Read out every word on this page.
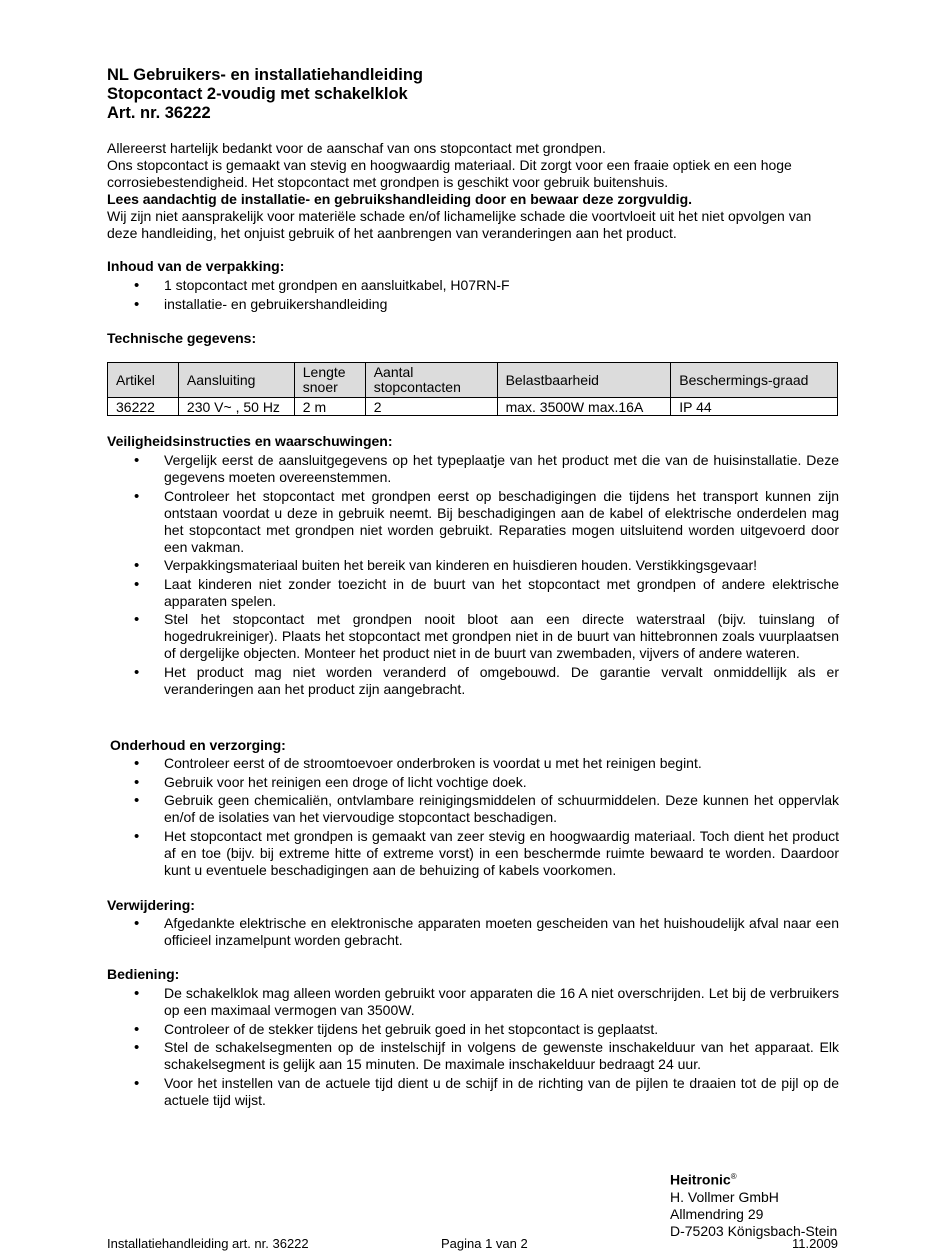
NL Gebruikers- en installatiehandleiding
Stopcontact 2-voudig met schakelklok
Art. nr. 36222
Allereerst hartelijk bedankt voor de aanschaf van ons stopcontact met grondpen.
Ons stopcontact is gemaakt van stevig en hoogwaardig materiaal. Dit zorgt voor een fraaie optiek en een hoge
corrosiebestendigheid. Het stopcontact met grondpen is geschikt voor gebruik buitenshuis.
Lees aandachtig de installatie- en gebruikshandleiding door en bewaar deze zorgvuldig.
Wij zijn niet aansprakelijk voor materiële schade en/of lichamelijke schade die voortvloeit uit het niet opvolgen van
deze handleiding, het onjuist gebruik of het aanbrengen van veranderingen aan het product.
Inhoud van de verpakking:
• 1 stopcontact met grondpen en aansluitkabel, H07RN-F
• installatie- en gebruikershandleiding
Technische gegevens:
Artikel	Aansluiting	Lengte snoer	Aantal stopcontacten	Belastbaarheid	Beschermings-graad
36222	230 V~ , 50 Hz	2 m	2	max. 3500W max.16A	IP 44
Veiligheidsinstructies en waarschuwingen:
• Vergelijk eerst de aansluitgegevens op het typeplaatje van het product met die van de huisinstallatie. Deze gegevens moeten overeenstemmen.
• Controleer het stopcontact met grondpen eerst op beschadigingen die tijdens het transport kunnen zijn ontstaan voordat u deze in gebruik neemt. Bij beschadigingen aan de kabel of elektrische onderdelen mag het stopcontact met grondpen niet worden gebruikt. Reparaties mogen uitsluitend worden uitgevoerd door een vakman.
• Verpakkingsmateriaal buiten het bereik van kinderen en huisdieren houden. Verstikkingsgevaar!
• Laat kinderen niet zonder toezicht in de buurt van het stopcontact met grondpen of andere elektrische apparaten spelen.
• Stel het stopcontact met grondpen nooit bloot aan een directe waterstraal (bijv. tuinslang of hogedrukreiniger). Plaats het stopcontact met grondpen niet in de buurt van hittebronnen zoals vuurplaatsen of dergelijke objecten. Monteer het product niet in de buurt van zwembaden, vijvers of andere wateren.
• Het product mag niet worden veranderd of omgebouwd. De garantie vervalt onmiddellijk als er veranderingen aan het product zijn aangebracht.
Onderhoud en verzorging:
• Controleer eerst of de stroomtoevoer onderbroken is voordat u met het reinigen begint.
• Gebruik voor het reinigen een droge of licht vochtige doek.
• Gebruik geen chemicaliën, ontvlambare reinigingsmiddelen of schuurmiddelen. Deze kunnen het oppervlak en/of de isolaties van het viervoudige stopcontact beschadigen.
• Het stopcontact met grondpen is gemaakt van zeer stevig en hoogwaardig materiaal. Toch dient het product af en toe (bijv. bij extreme hitte of extreme vorst) in een beschermde ruimte bewaard te worden. Daardoor kunt u eventuele beschadigingen aan de behuizing of kabels voorkomen.
Verwijdering:
• Afgedankte elektrische en elektronische apparaten moeten gescheiden van het huishoudelijk afval naar een officieel inzamelpunt worden gebracht.
Bediening:
• De schakelklok mag alleen worden gebruikt voor apparaten die 16 A niet overschrijden. Let bij de verbruikers op een maximaal vermogen van 3500W.
• Controleer of de stekker tijdens het gebruik goed in het stopcontact is geplaatst.
• Stel de schakelsegmenten op de instelschijf in volgens de gewenste inschakelduur van het apparaat. Elk schakelsegment is gelijk aan 15 minuten. De maximale inschakelduur bedraagt 24 uur.
• Voor het instellen van de actuele tijd dient u de schijf in de richting van de pijlen te draaien tot de pijl op de actuele tijd wijst.
Heitronic®
H. Vollmer GmbH
Allmendring 29
D-75203 Königsbach-Stein
Installatiehandleiding art. nr. 36222	Pagina 1 van 2	11.2009
